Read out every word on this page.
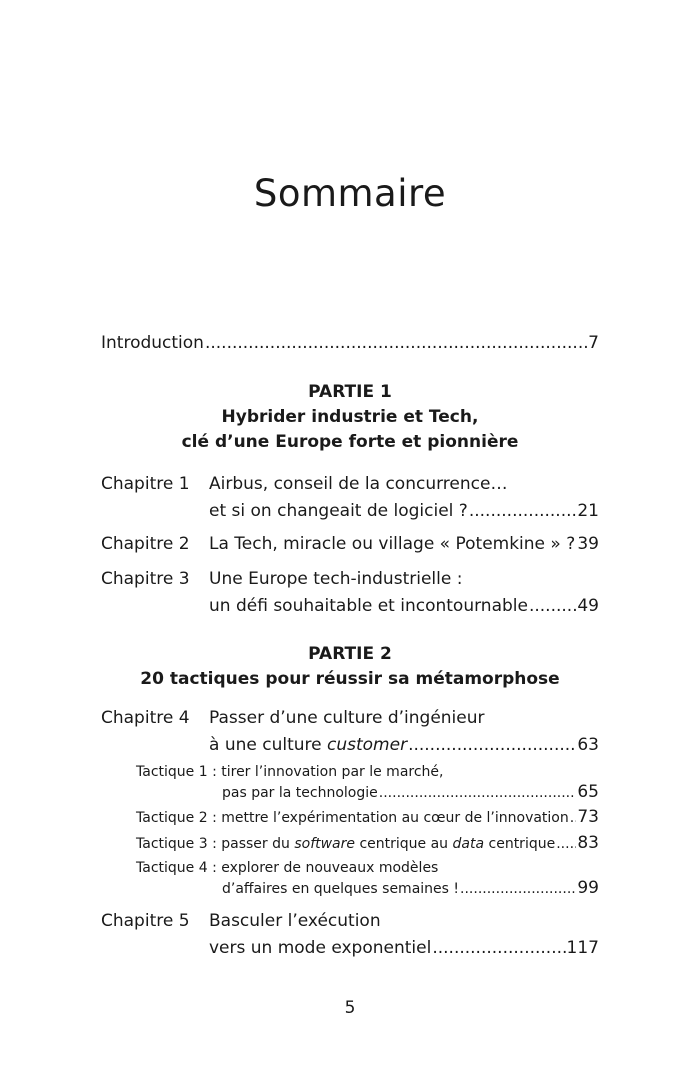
Sommaire
Introduction .....	7
PARTIE 1
Hybrider industrie et Tech,
clé d’une Europe forte et pionnière
Chapitre 1 Airbus, conseil de la concurrence…
et si on changeait de logiciel ? .....	21
Chapitre 2 La Tech, miracle ou village « Potemkine » ? ..... 39
Chapitre 3 Une Europe tech-industrielle :
un défi souhaitable et incontournable .....	49
PARTIE 2
20 tactiques pour réussir sa métamorphose
Chapitre 4 Passer d’une culture d’ingénieur
à une culture customer .....	63
Tactique 1 : tirer l’innovation par le marché,
pas par la technologie .....	65
Tactique 2 : mettre l’expérimentation au cœur de l’innovation ..... 73
Tactique 3 : passer du software centrique au data centrique ..... 83
Tactique 4 : explorer de nouveaux modèles
d’affaires en quelques semaines ! .....	99
Chapitre 5 Basculer l’exécution
vers un mode exponentiel .....	117
5
